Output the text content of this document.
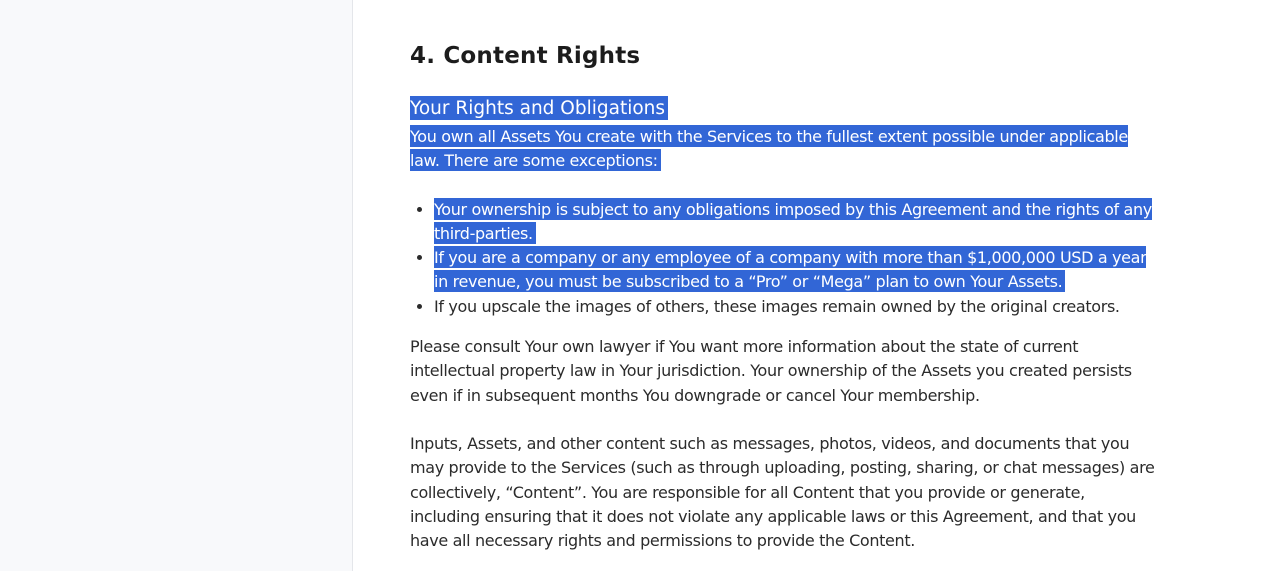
4. Content Rights
Your Rights and Obligations

You own all Assets You create with the Services to the fullest extent possible under applicable law. There are some exceptions:

• Your ownership is subject to any obligations imposed by this Agreement and the rights of any third-parties.
• If you are a company or any employee of a company with more than $1,000,000 USD a year in revenue, you must be subscribed to a “Pro” or “Mega” plan to own Your Assets.
• If you upscale the images of others, these images remain owned by the original creators.

Please consult Your own lawyer if You want more information about the state of current intellectual property law in Your jurisdiction. Your ownership of the Assets you created persists even if in subsequent months You downgrade or cancel Your membership.

Inputs, Assets, and other content such as messages, photos, videos, and documents that you may provide to the Services (such as through uploading, posting, sharing, or chat messages) are collectively, “Content”. You are responsible for all Content that you provide or generate, including ensuring that it does not violate any applicable laws or this Agreement, and that you have all necessary rights and permissions to provide the Content.
